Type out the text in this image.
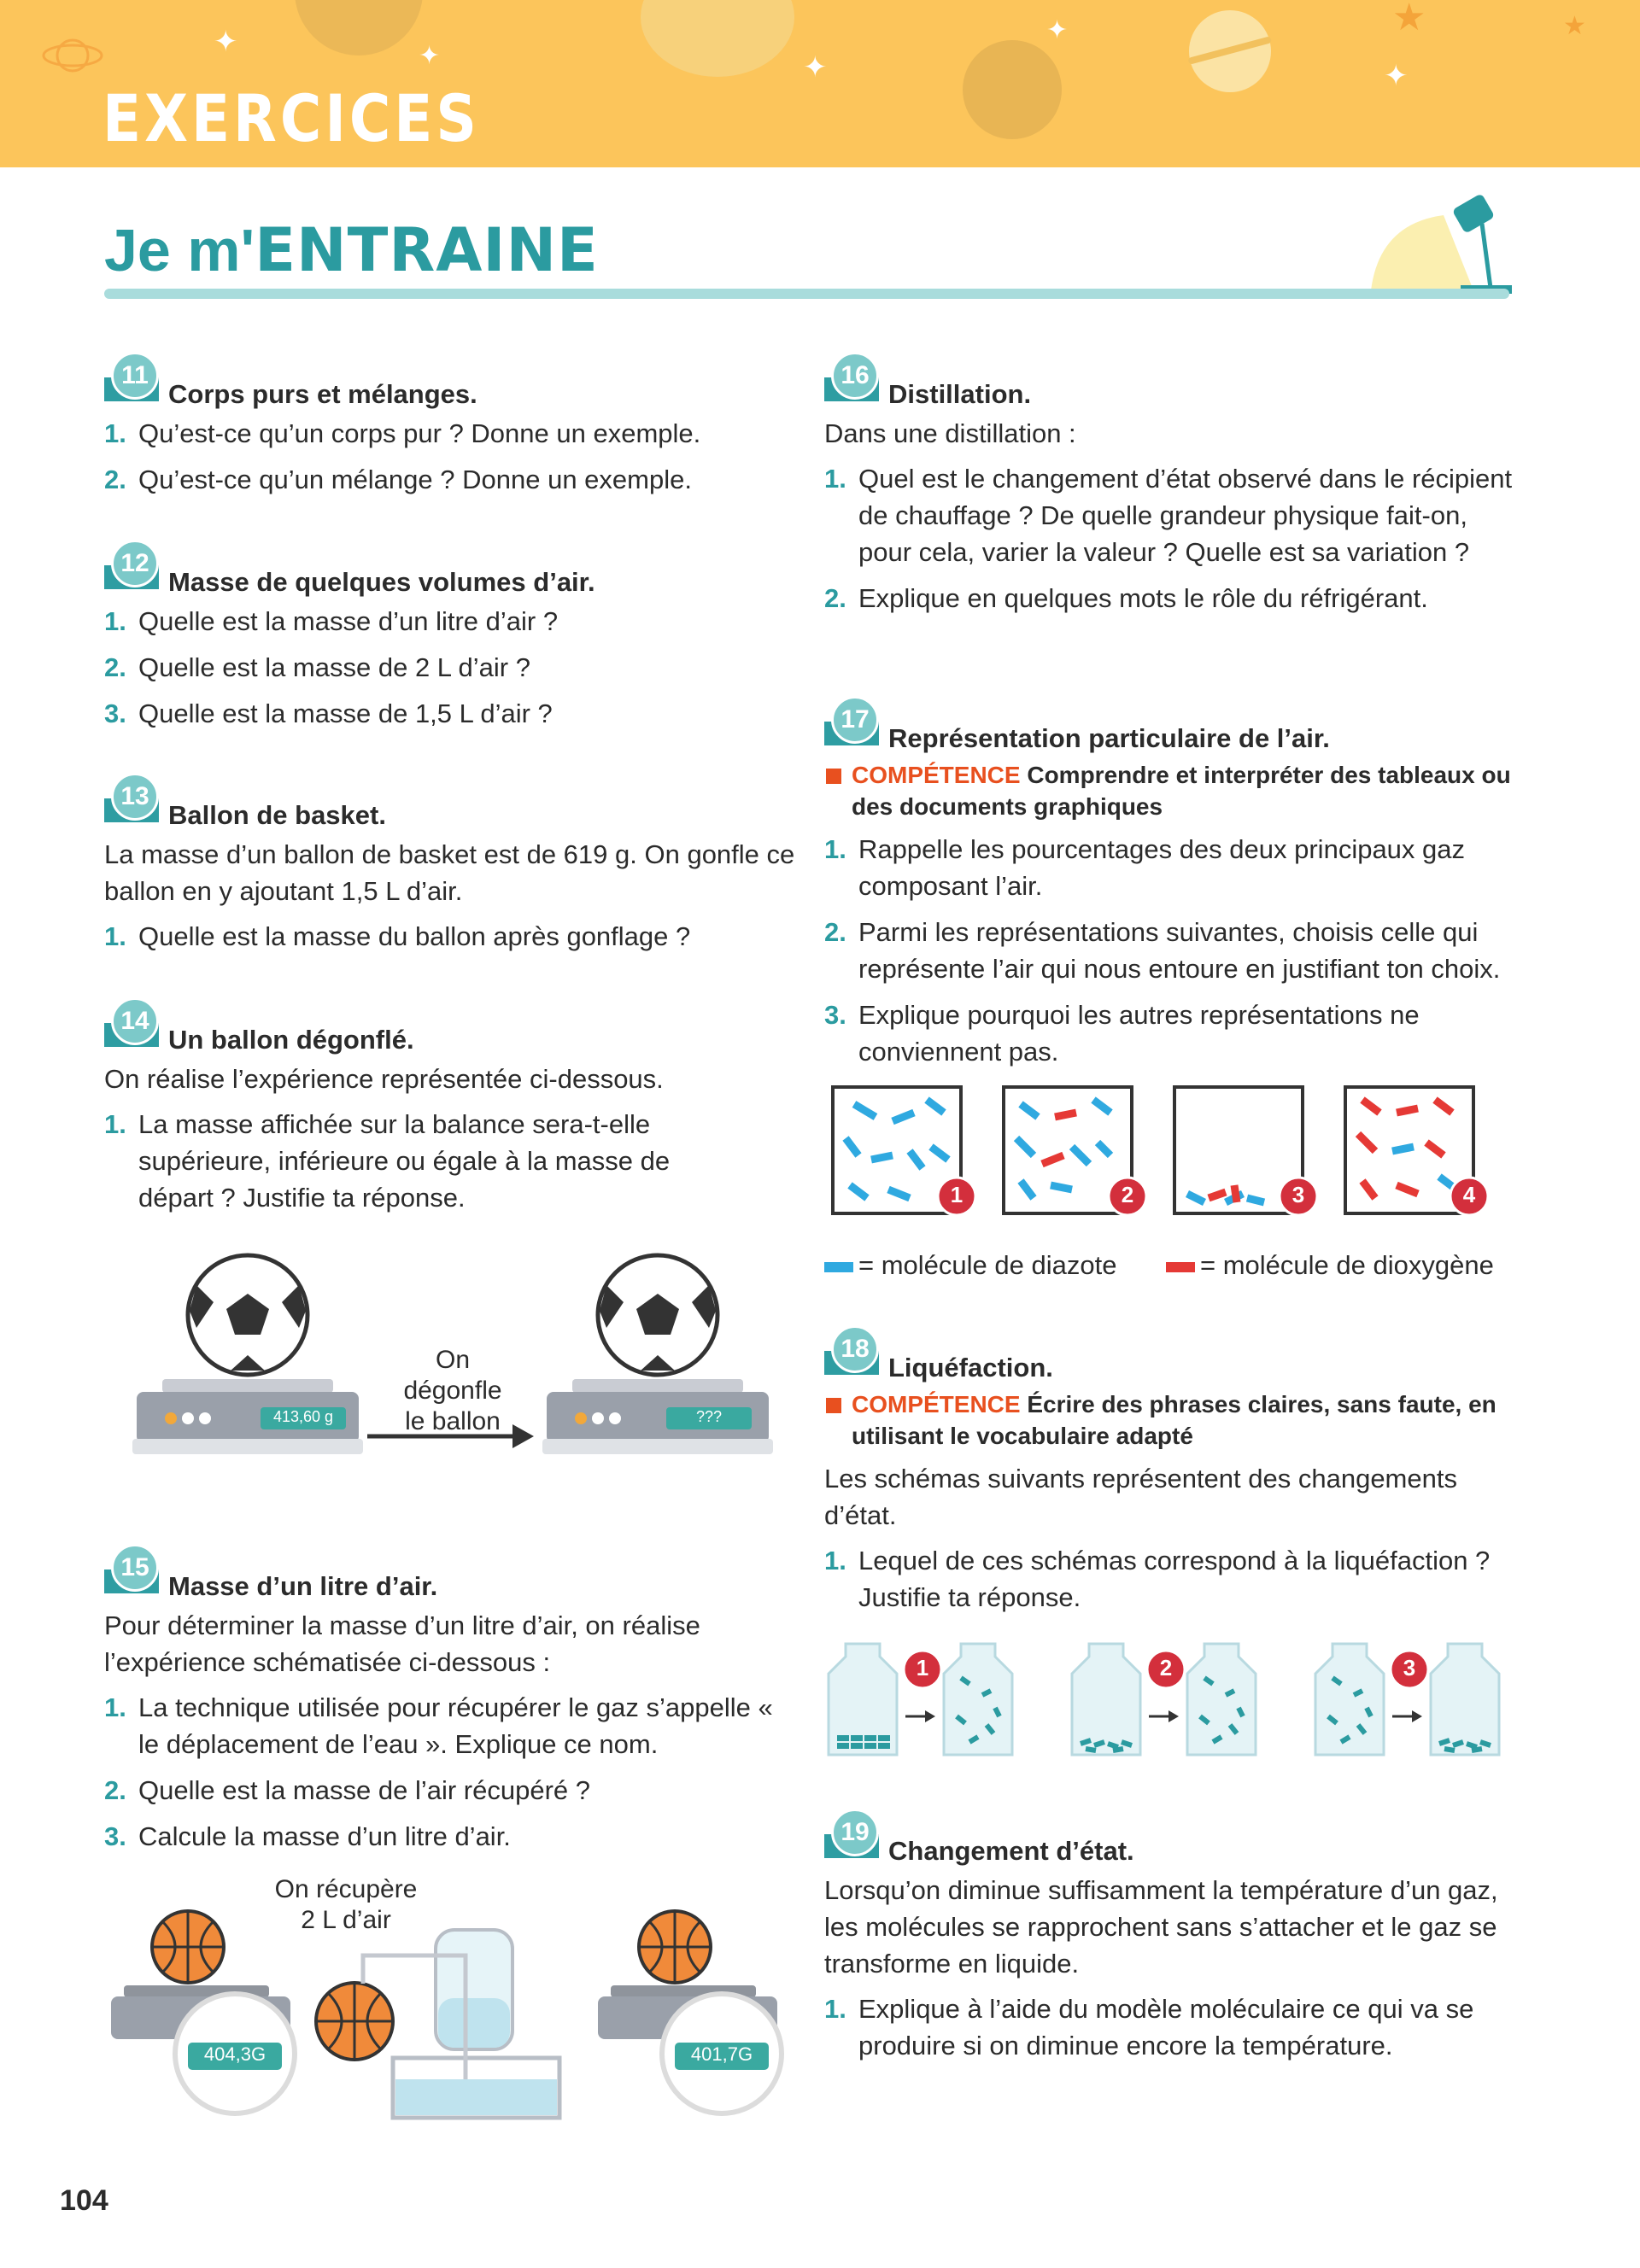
✦	✦	✦
✦
✦
★	★
EXERCICES
Je m'ENTRAINE
11
Corps purs et mélanges.
1. Qu’est-ce qu’un corps pur ? Donne un exemple.
2. Qu’est-ce qu’un mélange ? Donne un exemple.
12
Masse de quelques volumes d’air.
1. Quelle est la masse d’un litre d’air ?
2. Quelle est la masse de 2 L d’air ?
3. Quelle est la masse de 1,5 L d’air ?
13
Ballon de basket.

La masse d’un ballon de basket est de 619 g. On gonfle ce ballon en y ajoutant 1,5 L d’air.

1. Quelle est la masse du ballon après gonflage ?
14
Un ballon dégonflé.

On réalise l’expérience représentée ci-dessous.

1. La masse affichée sur la balance sera-t-elle supérieure, inférieure ou égale à la masse de départ ? Justifie ta réponse.
On dégonfle
le ballon
413,60 g	???
15
Masse d’un litre d’air.

Pour déterminer la masse d’un litre d’air, on réalise l’expérience schématisée ci-dessous :

1. La technique utilisée pour récupérer le gaz s’appelle « le déplacement de l’eau ». Explique ce nom.
2. Quelle est la masse de l’air récupéré ?
3. Calcule la masse d’un litre d’air.
On récupère
2 L d’air
404,3G	401,7G
16
Distillation.

Dans une distillation :

1. Quel est le changement d’état observé dans le récipient de chauffage ? De quelle grandeur physique fait-on, pour cela, varier la valeur ? Quelle est sa variation ?
2. Explique en quelques mots le rôle du réfrigérant.
17
Représentation particulaire de l’air.
COMPÉTENCE Comprendre et interpréter des tableaux ou des documents graphiques
1. Rappelle les pourcentages des deux principaux gaz composant l’air.
2. Parmi les représentations suivantes, choisis celle qui représente l’air qui nous entoure en justifiant ton choix.
3. Explique pourquoi les autres représentations ne conviennent pas.
1	2	3	4
= molécule de diazote	= molécule de dioxygène
18
Liquéfaction.
COMPÉTENCE Écrire des phrases claires, sans faute, en utilisant le vocabulaire adapté

Les schémas suivants représentent des changements d’état.

1. Lequel de ces schémas correspond à la liquéfaction ? Justifie ta réponse.
1	2	3
19
Changement d’état.

Lorsqu’on diminue suffisamment la température d’un gaz, les molécules se rapprochent sans s’attacher et le gaz se transforme en liquide.

1. Explique à l’aide du modèle moléculaire ce qui va se produire si on diminue encore la température.
104
